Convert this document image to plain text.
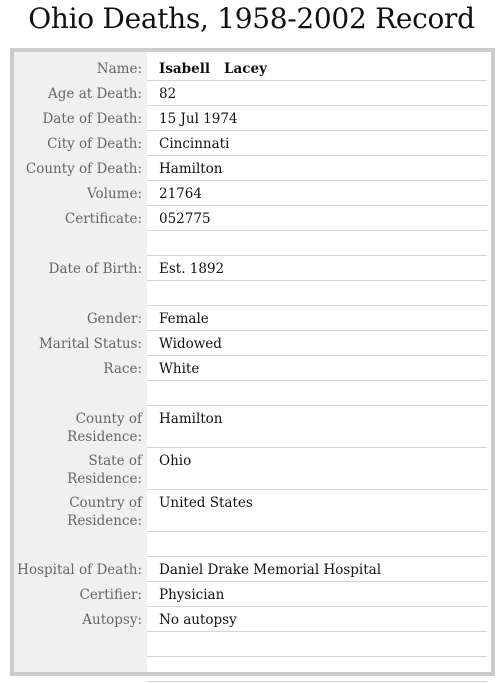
Ohio Deaths, 1958-2002 Record
Name:	Isabell   Lacey
Age at Death:	82
Date of Death:	15 Jul 1974
City of Death:	Cincinnati
County of Death:	Hamilton
Volume:	21764
Certificate:	052775
Date of Birth:	Est. 1892
Gender:	Female
Marital Status:	Widowed
Race:	White
County of Residence:
Hamilton
State of Residence:
Ohio
Country of Residence:
United States
Hospital of Death:	Daniel Drake Memorial Hospital
Certifier:	Physician
Autopsy:	No autopsy
